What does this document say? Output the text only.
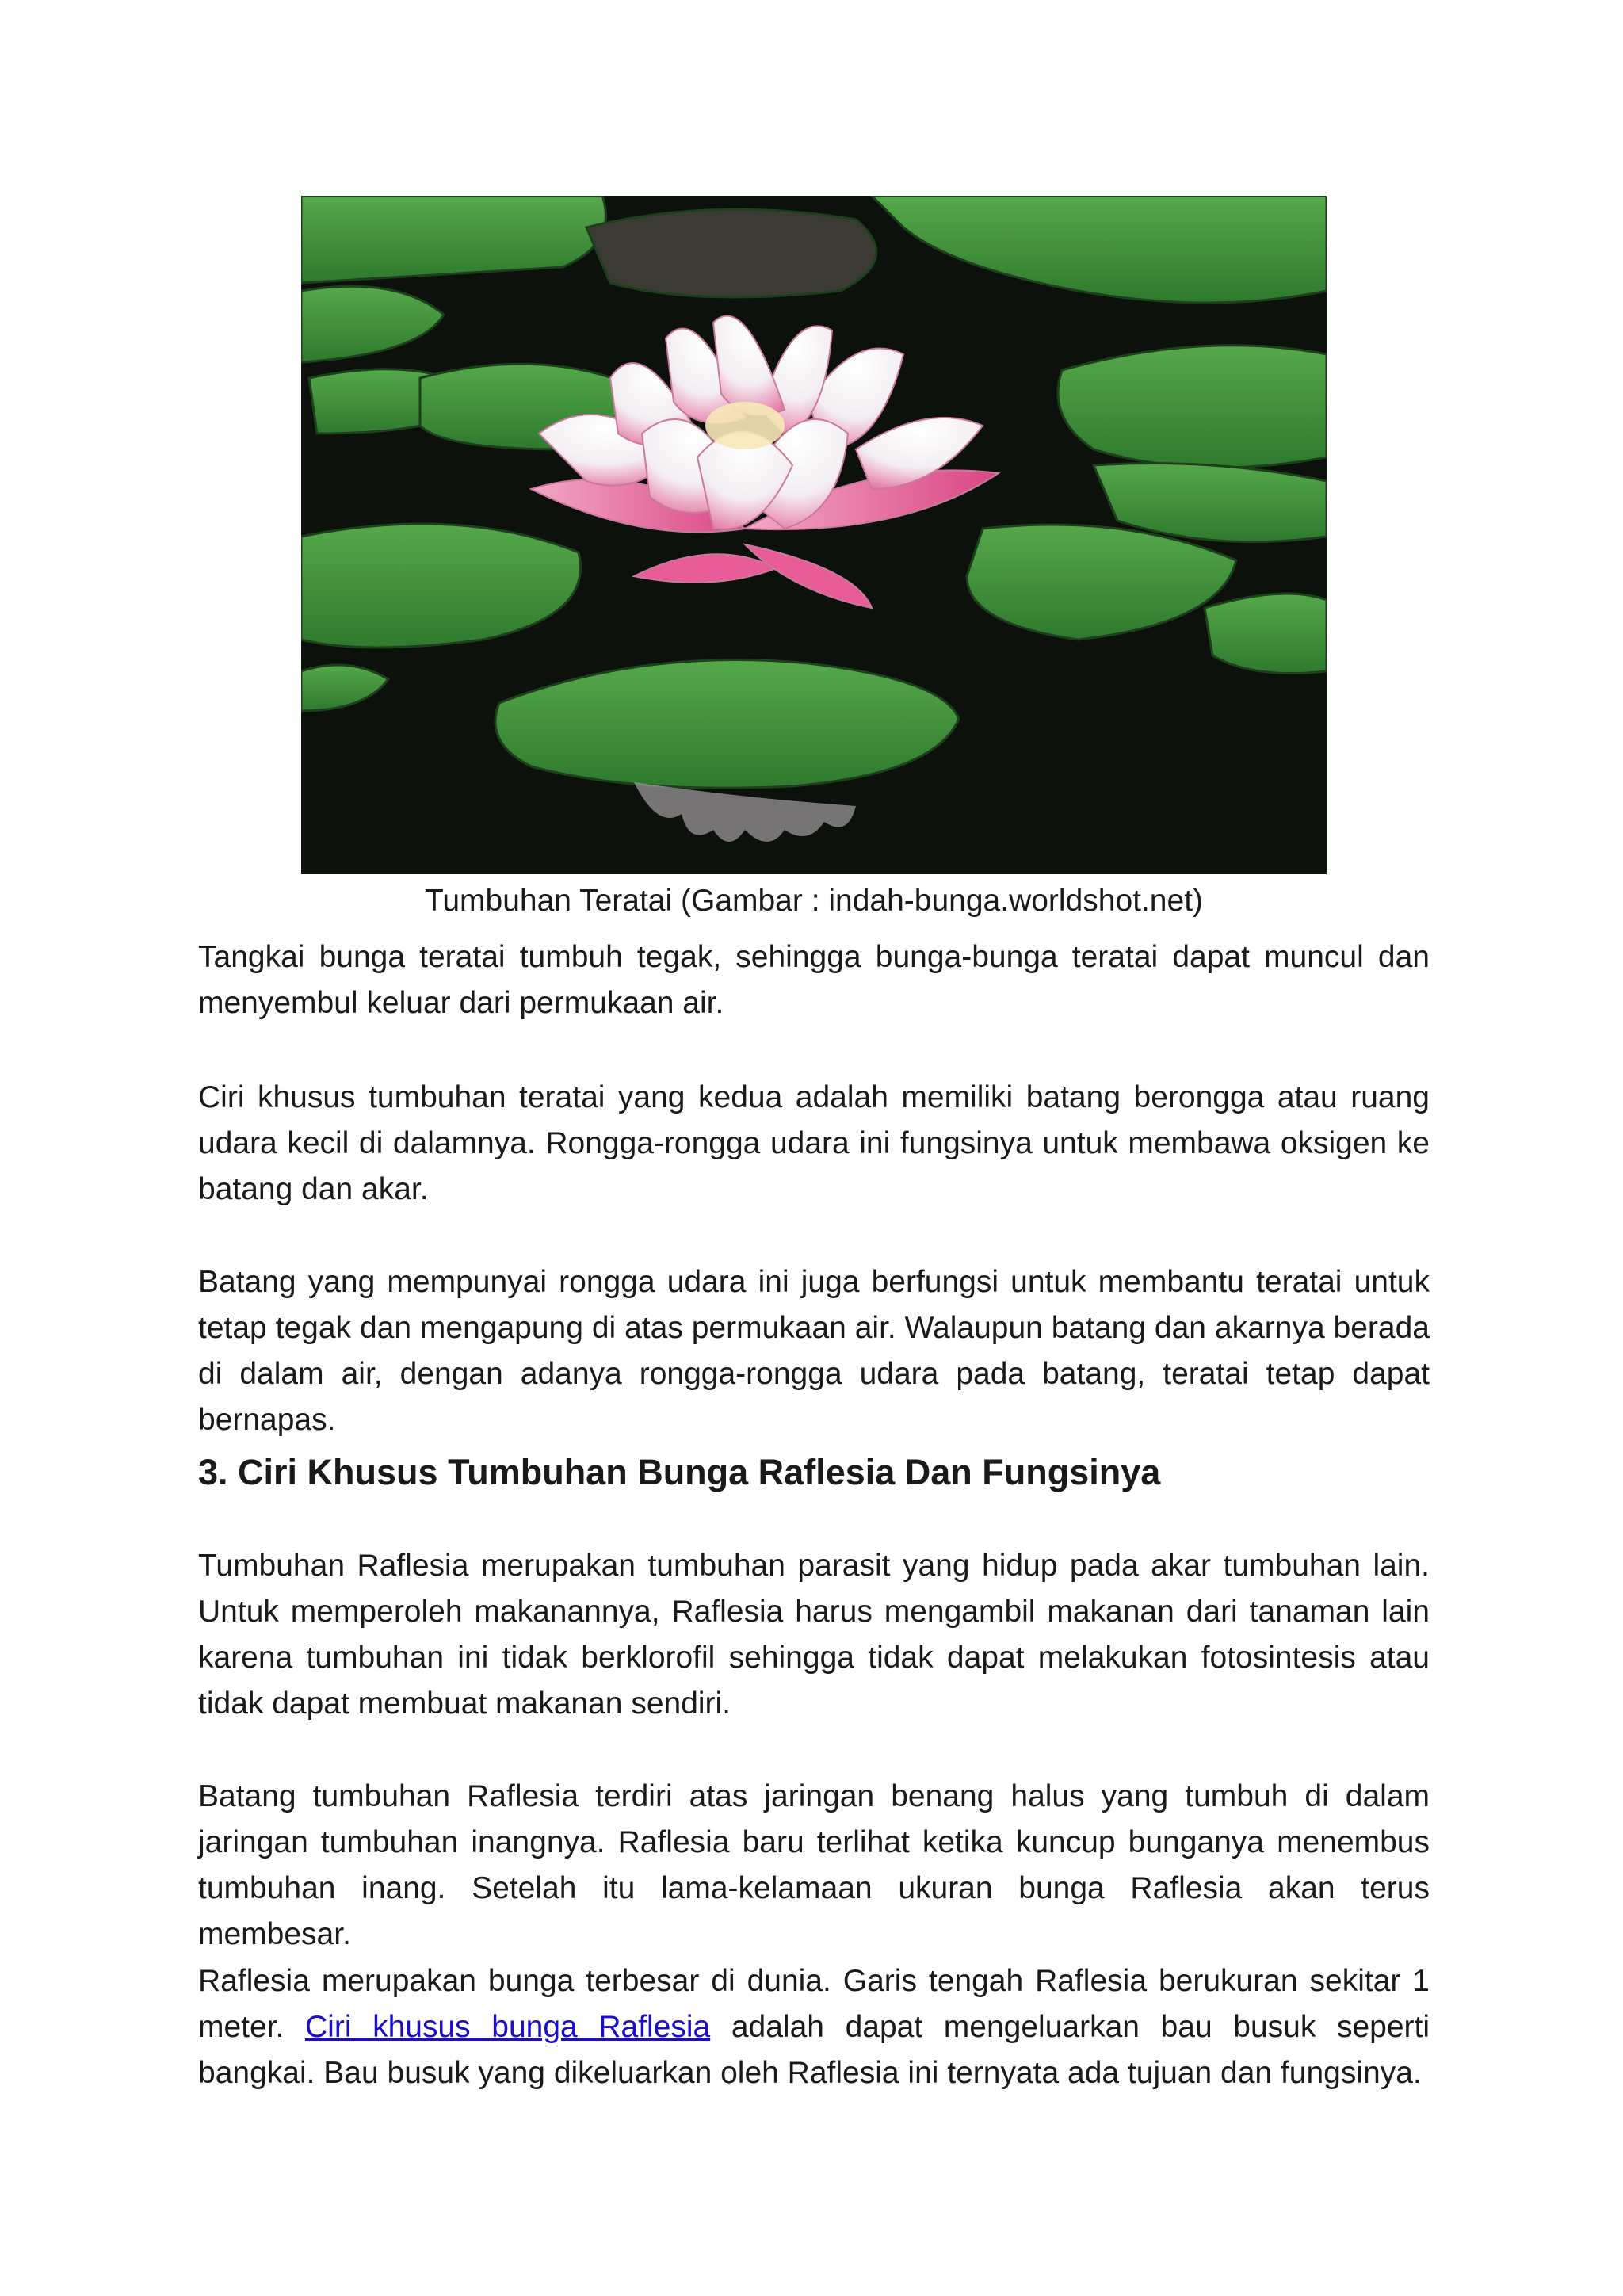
Tumbuhan Teratai (Gambar : indah-bunga.worldshot.net)

Tangkai bunga teratai tumbuh tegak, sehingga bunga-bunga teratai dapat muncul dan menyembul keluar dari permukaan air.

Ciri khusus tumbuhan teratai yang kedua adalah memiliki batang berongga atau ruang udara kecil di dalamnya. Rongga-rongga udara ini fungsinya untuk membawa oksigen ke batang dan akar.

Batang yang mempunyai rongga udara ini juga berfungsi untuk membantu teratai untuk tetap tegak dan mengapung di atas permukaan air. Walaupun batang dan akarnya berada di dalam air, dengan adanya rongga-rongga udara pada batang, teratai tetap dapat bernapas.

3. Ciri Khusus Tumbuhan Bunga Raflesia Dan Fungsinya

Tumbuhan Raflesia merupakan tumbuhan parasit yang hidup pada akar tumbuhan lain. Untuk memperoleh makanannya, Raflesia harus mengambil makanan dari tanaman lain karena tumbuhan ini tidak berklorofil sehingga tidak dapat melakukan fotosintesis atau tidak dapat membuat makanan sendiri.

Batang tumbuhan Raflesia terdiri atas jaringan benang halus yang tumbuh di dalam jaringan tumbuhan inangnya. Raflesia baru terlihat ketika kuncup bunganya menembus tumbuhan inang. Setelah itu lama-kelamaan ukuran bunga Raflesia akan terus membesar.

Raflesia merupakan bunga terbesar di dunia. Garis tengah Raflesia berukuran sekitar 1 meter. Ciri khusus bunga Raflesia adalah dapat mengeluarkan bau busuk seperti bangkai. Bau busuk yang dikeluarkan oleh Raflesia ini ternyata ada tujuan dan fungsinya.
